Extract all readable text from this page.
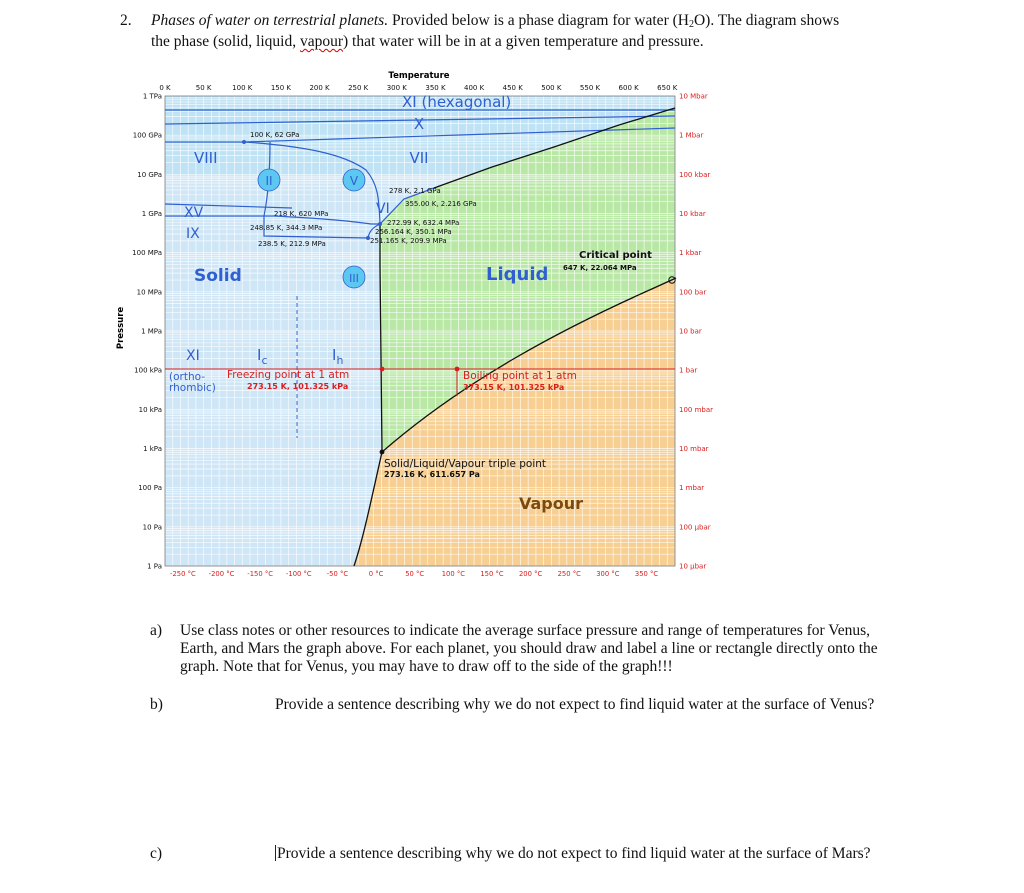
2. Phases of water on terrestrial planets. Provided below is a phase diagram for water $(H_2O)$. The diagram shows
the phase (solid, liquid, vapour) that water will be in at a given temperature and pressure.
Temperature
Pressure
XI (hexagonal)
X
VII
VIII
II	V
VI
XV
IX
Solid	III	Liquid
Vapour
XI	$I_c$	$I_h$
(ortho-
rhombic)
100 K, 62 GPa
278 K, 2.1 GPa
355.00 K, 2.216 GPa
218 K, 620 MPa
272.99 K, 632.4 MPa
248.85 K, 344.3 MPa	256.164 K, 350.1 MPa
238.5 K, 212.9 MPa	251.165 K, 209.9 MPa
Critical point
647 K, 22.064 MPa
Freezing point at 1 atm
273.15 K, 101.325 kPa
Boiling point at 1 atm
373.15 K, 101.325 kPa
Solid/Liquid/Vapour triple point
273.16 K, 611.657 Pa
0 K	50 K	100 K	150 K	200 K	250 K	300 K	350 K	400 K	450 K	500 K	550 K	600 K	650 K
-250 °C -200 °C -150 °C -100 °C -50 °C	0 °C	50 °C	100 °C 150 °C 200 °C 250 °C 300 °C 350 °C
1 TPa
100 GPa
10 GPa
1 GPa
100 MPa
10 MPa
1 MPa
100 kPa
10 kPa
1 kPa
100 Pa
10 Pa
1 Pa
10 Mbar
1 Mbar
100 kbar
10 kbar
1 kbar
100 bar
10 bar
1 bar
100 mbar
10 mbar
1 mbar
100 µbar
10 µbar
a) Use class notes or other resources to indicate the average surface pressure and range of temperatures for Venus, Earth, and Mars the graph above. For each planet, you should draw and label a line or rectangle directly onto the graph. Note that for Venus, you may have to draw off to the side of the graph!!!
b)	Provide a sentence describing why we do not expect to find liquid water at the surface of Venus?
c)	Provide a sentence describing why we do not expect to find liquid water at the surface of Mars?
